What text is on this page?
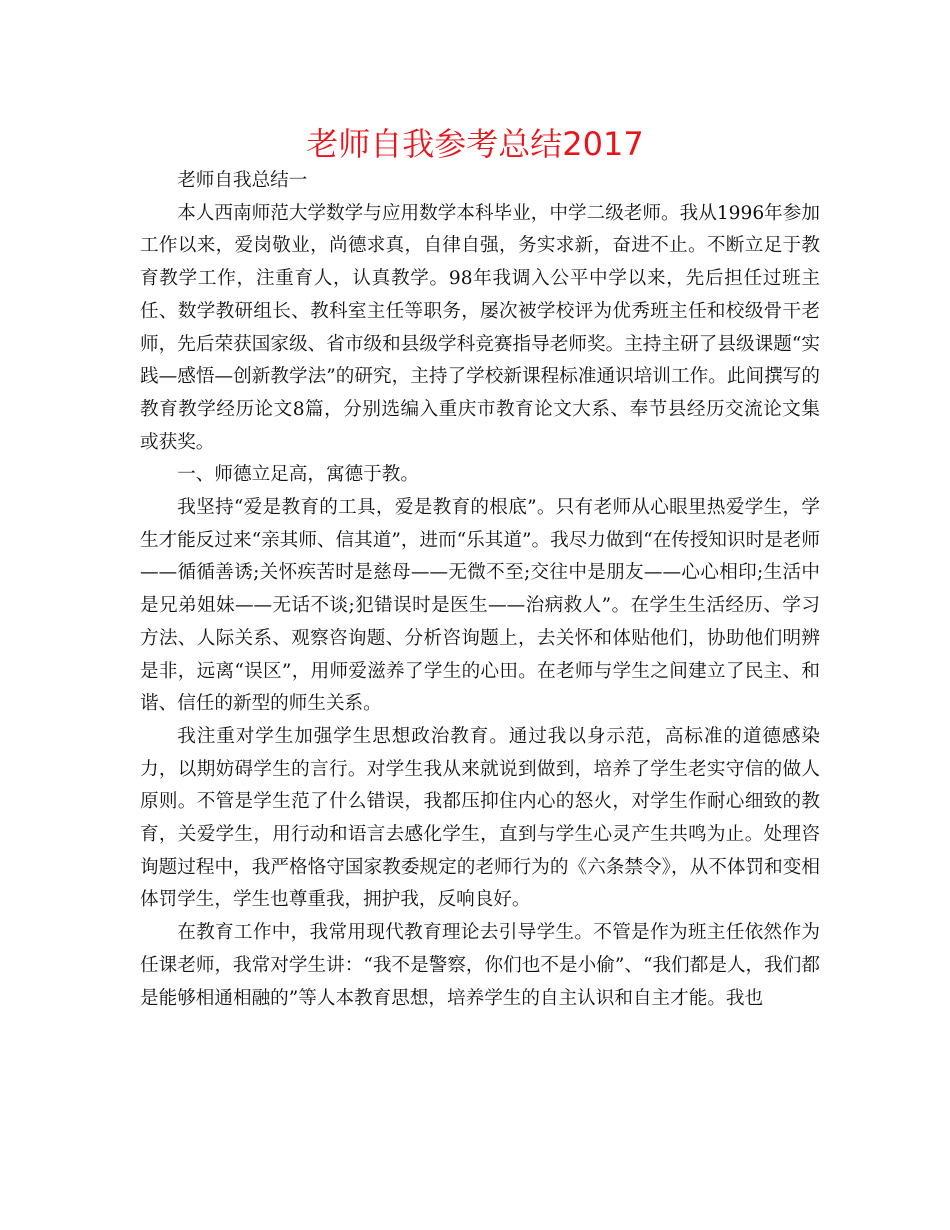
老师自我参考总结2017

老师自我总结一

本人西南师范大学数学与应用数学本科毕业，中学二级老师。我从1996年参加工作以来，爱岗敬业，尚德求真，自律自强，务实求新，奋进不止。不断立足于教育教学工作，注重育人，认真教学。98年我调入公平中学以来，先后担任过班主任、数学教研组长、教科室主任等职务，屡次被学校评为优秀班主任和校级骨干老师，先后荣获国家级、省市级和县级学科竞赛指导老师奖。主持主研了县级课题“实践—感悟—创新教学法”的研究，主持了学校新课程标准通识培训工作。此间撰写的教育教学经历论文8篇，分别选编入重庆市教育论文大系、奉节县经历交流论文集或获奖。

一、师德立足高，寓德于教。

我坚持“爱是教育的工具，爱是教育的根底”。只有老师从心眼里热爱学生，学生才能反过来“亲其师、信其道”，进而“乐其道”。我尽力做到“在传授知识时是老师——循循善诱;关怀疾苦时是慈母——无微不至;交往中是朋友——心心相印;生活中是兄弟姐妹——无话不谈;犯错误时是医生——治病救人”。在学生生活经历、学习方法、人际关系、观察咨询题、分析咨询题上，去关怀和体贴他们，协助他们明辨是非，远离“误区”，用师爱滋养了学生的心田。在老师与学生之间建立了民主、和谐、信任的新型的师生关系。

我注重对学生加强学生思想政治教育。通过我以身示范，高标准的道德感染力，以期妨碍学生的言行。对学生我从来就说到做到，培养了学生老实守信的做人原则。不管是学生范了什么错误，我都压抑住内心的怒火，对学生作耐心细致的教育，关爱学生，用行动和语言去感化学生，直到与学生心灵产生共鸣为止。处理咨询题过程中，我严格恪守国家教委规定的老师行为的《六条禁令》，从不体罚和变相体罚学生，学生也尊重我，拥护我，反响良好。

在教育工作中，我常用现代教育理论去引导学生。不管是作为班主任依然作为任课老师，我常对学生讲：“我不是警察，你们也不是小偷”、“我们都是人，我们都是能够相通相融的”等人本教育思想，培养学生的自主认识和自主才能。我也
